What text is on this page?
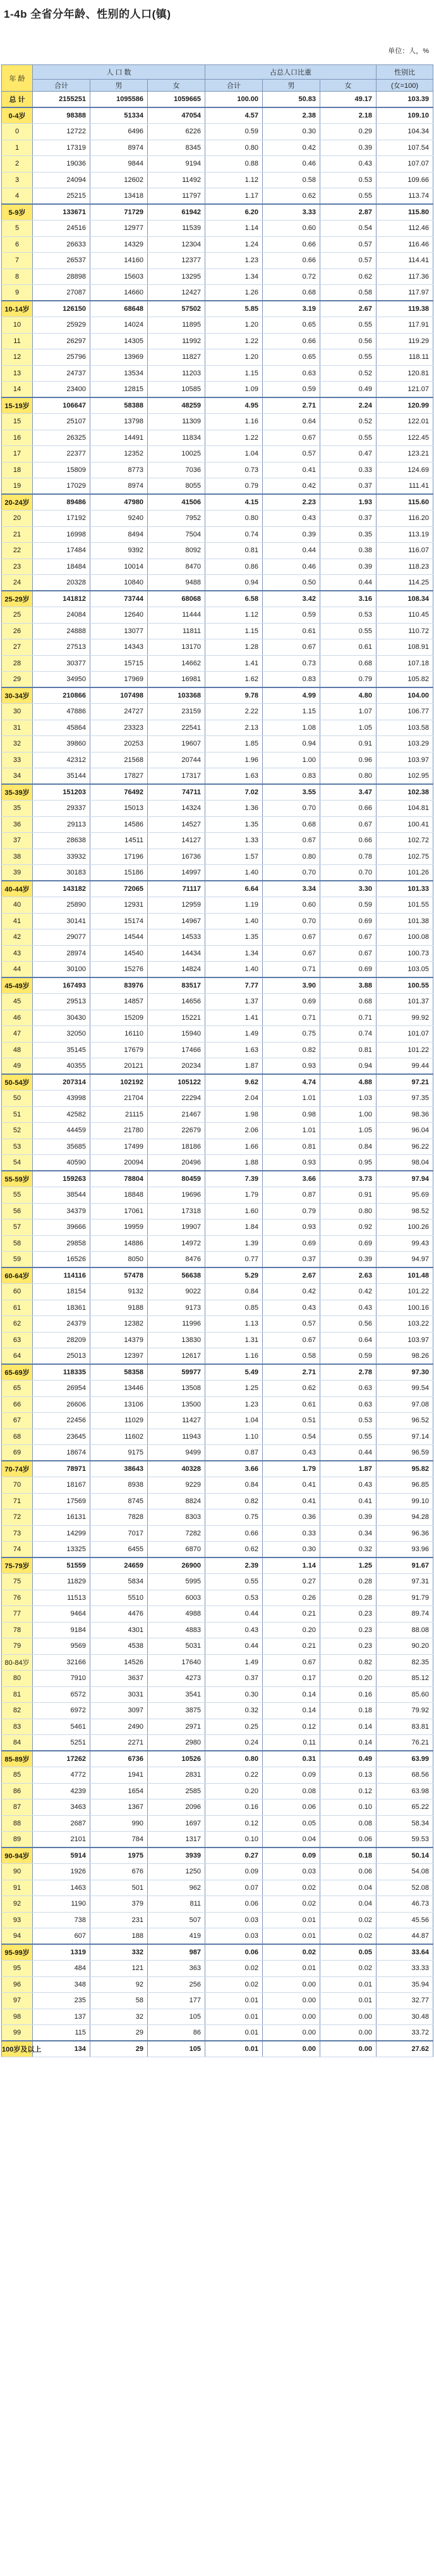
1-4b 全省分年龄、性别的人口(镇)
单位：人，%
年 龄	人 口 数			占总人口比重			性别比
	合计	男	女	合计	男	女	(女=100)
总 计	2155251	1095586	1059665	100.00	50.83	49.17	103.39
0-4岁	98388	51334	47054	4.57	2.38	2.18	109.10
0	12722	6496	6226	0.59	0.30	0.29	104.34
1	17319	8974	8345	0.80	0.42	0.39	107.54
2	19036	9844	9194	0.88	0.46	0.43	107.07
3	24094	12602	11492	1.12	0.58	0.53	109.66
4	25215	13418	11797	1.17	0.62	0.55	113.74
5-9岁	133671	71729	61942	6.20	3.33	2.87	115.80
5	24516	12977	11539	1.14	0.60	0.54	112.46
6	26633	14329	12304	1.24	0.66	0.57	116.46
7	26537	14160	12377	1.23	0.66	0.57	114.41
8	28898	15603	13295	1.34	0.72	0.62	117.36
9	27087	14660	12427	1.26	0.68	0.58	117.97
10-14岁	126150	68648	57502	5.85	3.19	2.67	119.38
10	25929	14024	11895	1.20	0.65	0.55	117.91
11	26297	14305	11992	1.22	0.66	0.56	119.29
12	25796	13969	11827	1.20	0.65	0.55	118.11
13	24737	13534	11203	1.15	0.63	0.52	120.81
14	23400	12815	10585	1.09	0.59	0.49	121.07
15-19岁	106647	58388	48259	4.95	2.71	2.24	120.99
15	25107	13798	11309	1.16	0.64	0.52	122.01
16	26325	14491	11834	1.22	0.67	0.55	122.45
17	22377	12352	10025	1.04	0.57	0.47	123.21
18	15809	8773	7036	0.73	0.41	0.33	124.69
19	17029	8974	8055	0.79	0.42	0.37	111.41
20-24岁	89486	47980	41506	4.15	2.23	1.93	115.60
20	17192	9240	7952	0.80	0.43	0.37	116.20
21	16998	8494	7504	0.74	0.39	0.35	113.19
22	17484	9392	8092	0.81	0.44	0.38	116.07
23	18484	10014	8470	0.86	0.46	0.39	118.23
24	20328	10840	9488	0.94	0.50	0.44	114.25
25-29岁	141812	73744	68068	6.58	3.42	3.16	108.34
25	24084	12640	11444	1.12	0.59	0.53	110.45
26	24888	13077	11811	1.15	0.61	0.55	110.72
27	27513	14343	13170	1.28	0.67	0.61	108.91
28	30377	15715	14662	1.41	0.73	0.68	107.18
29	34950	17969	16981	1.62	0.83	0.79	105.82
30-34岁	210866	107498	103368	9.78	4.99	4.80	104.00
30	47886	24727	23159	2.22	1.15	1.07	106.77
31	45864	23323	22541	2.13	1.08	1.05	103.58
32	39860	20253	19607	1.85	0.94	0.91	103.29
33	42312	21568	20744	1.96	1.00	0.96	103.97
34	35144	17827	17317	1.63	0.83	0.80	102.95
35-39岁	151203	76492	74711	7.02	3.55	3.47	102.38
35	29337	15013	14324	1.36	0.70	0.66	104.81
36	29113	14586	14527	1.35	0.68	0.67	100.41
37	28638	14511	14127	1.33	0.67	0.66	102.72
38	33932	17196	16736	1.57	0.80	0.78	102.75
39	30183	15186	14997	1.40	0.70	0.70	101.26
40-44岁	143182	72065	71117	6.64	3.34	3.30	101.33
40	25890	12931	12959	1.19	0.60	0.59	101.55
41	30141	15174	14967	1.40	0.70	0.69	101.38
42	29077	14544	14533	1.35	0.67	0.67	100.08
43	28974	14540	14434	1.34	0.67	0.67	100.73
44	30100	15276	14824	1.40	0.71	0.69	103.05
45-49岁	167493	83976	83517	7.77	3.90	3.88	100.55
45	29513	14857	14656	1.37	0.69	0.68	101.37
46	30430	15209	15221	1.41	0.71	0.71	99.92
47	32050	16110	15940	1.49	0.75	0.74	101.07
48	35145	17679	17466	1.63	0.82	0.81	101.22
49	40355	20121	20234	1.87	0.93	0.94	99.44
50-54岁	207314	102192	105122	9.62	4.74	4.88	97.21
50	43998	21704	22294	2.04	1.01	1.03	97.35
51	42582	21115	21467	1.98	0.98	1.00	98.36
52	44459	21780	22679	2.06	1.01	1.05	96.04
53	35685	17499	18186	1.66	0.81	0.84	96.22
54	40590	20094	20496	1.88	0.93	0.95	98.04
55-59岁	159263	78804	80459	7.39	3.66	3.73	97.94
55	38544	18848	19696	1.79	0.87	0.91	95.69
56	34379	17061	17318	1.60	0.79	0.80	98.52
57	39666	19959	19907	1.84	0.93	0.92	100.26
58	29858	14886	14972	1.39	0.69	0.69	99.43
59	16526	8050	8476	0.77	0.37	0.39	94.97
60-64岁	114116	57478	56638	5.29	2.67	2.63	101.48
60	18154	9132	9022	0.84	0.42	0.42	101.22
61	18361	9188	9173	0.85	0.43	0.43	100.16
62	24379	12382	11996	1.13	0.57	0.56	103.22
63	28209	14379	13830	1.31	0.67	0.64	103.97
64	25013	12397	12617	1.16	0.58	0.59	98.26
65-69岁	118335	58358	59977	5.49	2.71	2.78	97.30
65	26954	13446	13508	1.25	0.62	0.63	99.54
66	26606	13106	13500	1.23	0.61	0.63	97.08
67	22456	11029	11427	1.04	0.51	0.53	96.52
68	23645	11602	11943	1.10	0.54	0.55	97.14
69	18674	9175	9499	0.87	0.43	0.44	96.59
70-74岁	78971	38643	40328	3.66	1.79	1.87	95.82
70	18167	8938	9229	0.84	0.41	0.43	96.85
71	17569	8745	8824	0.82	0.41	0.41	99.10
72	16131	7828	8303	0.75	0.36	0.39	94.28
73	14299	7017	7282	0.66	0.33	0.34	96.36
74	13325	6455	6870	0.62	0.30	0.32	93.96
75-79岁	51559	24659	26900	2.39	1.14	1.25	91.67
75	11829	5834	5995	0.55	0.27	0.28	97.31
76	11513	5510	6003	0.53	0.26	0.28	91.79
77	9464	4476	4988	0.44	0.21	0.23	89.74
78	9184	4301	4883	0.43	0.20	0.23	88.08
79	9569	4538	5031	0.44	0.21	0.23	90.20
80-84岁	32166	14526	17640	1.49	0.67	0.82	82.35
80	7910	3637	4273	0.37	0.17	0.20	85.12
81	6572	3031	3541	0.30	0.14	0.16	85.60
82	6972	3097	3875	0.32	0.14	0.18	79.92
83	5461	2490	2971	0.25	0.12	0.14	83.81
84	5251	2271	2980	0.24	0.11	0.14	76.21
85-89岁	17262	6736	10526	0.80	0.31	0.49	63.99
85	4772	1941	2831	0.22	0.09	0.13	68.56
86	4239	1654	2585	0.20	0.08	0.12	63.98
87	3463	1367	2096	0.16	0.06	0.10	65.22
88	2687	990	1697	0.12	0.05	0.08	58.34
89	2101	784	1317	0.10	0.04	0.06	59.53
90-94岁	5914	1975	3939	0.27	0.09	0.18	50.14
90	1926	676	1250	0.09	0.03	0.06	54.08
91	1463	501	962	0.07	0.02	0.04	52.08
92	1190	379	811	0.06	0.02	0.04	46.73
93	738	231	507	0.03	0.01	0.02	45.56
94	607	188	419	0.03	0.01	0.02	44.87
95-99岁	1319	332	987	0.06	0.02	0.05	33.64
95	484	121	363	0.02	0.01	0.02	33.33
96	348	92	256	0.02	0.00	0.01	35.94
97	235	58	177	0.01	0.00	0.01	32.77
98	137	32	105	0.01	0.00	0.00	30.48
99	115	29	86	0.01	0.00	0.00	33.72
100岁及以上	134	29	105	0.01	0.00	0.00	27.62
